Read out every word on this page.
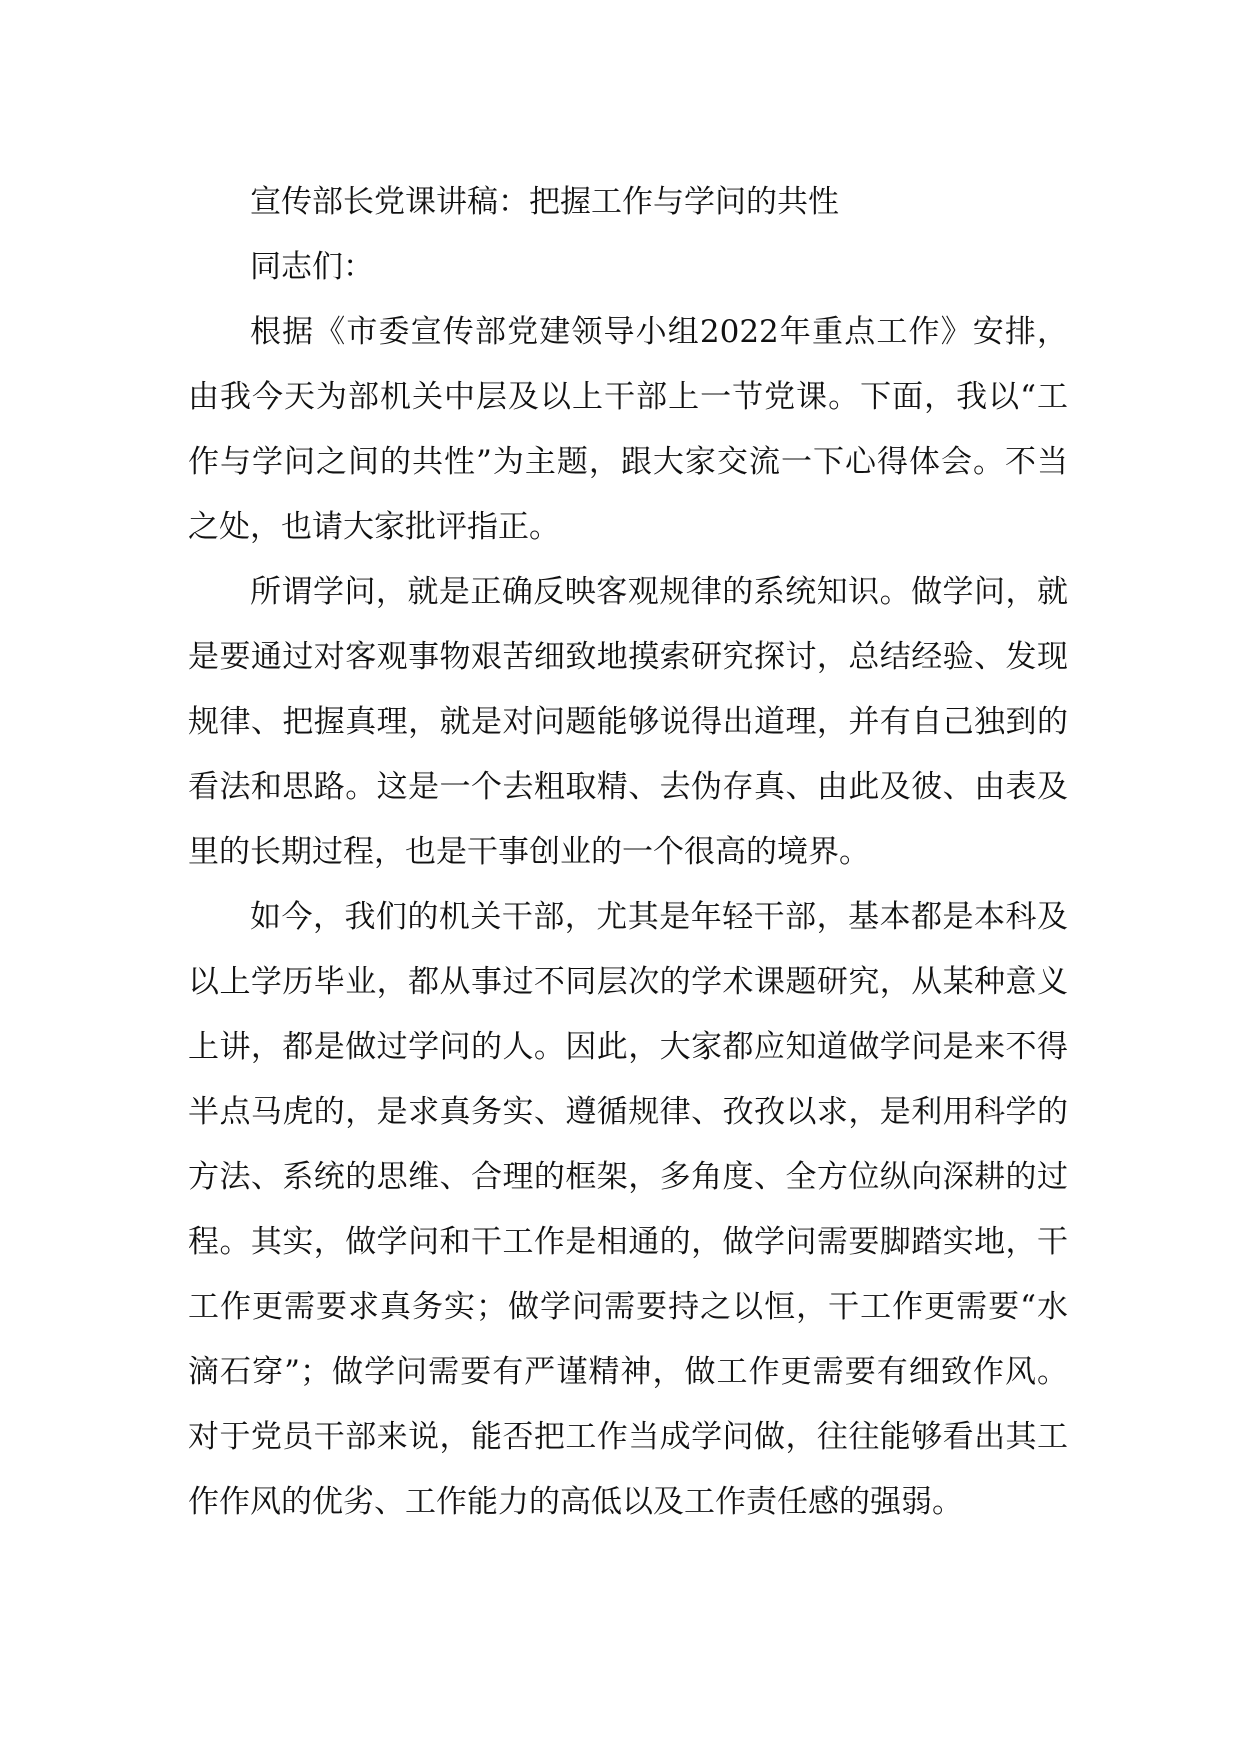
宣传部长党课讲稿：把握工作与学问的共性

同志们：

根据《市委宣传部党建领导小组2022年重点工作》安排，由我今天为部机关中层及以上干部上一节党课。下面，我以“工作与学问之间的共性”为主题，跟大家交流一下心得体会。不当之处，也请大家批评指正。

所谓学问，就是正确反映客观规律的系统知识。做学问，就是要通过对客观事物艰苦细致地摸索研究探讨，总结经验、发现规律、把握真理，就是对问题能够说得出道理，并有自己独到的看法和思路。这是一个去粗取精、去伪存真、由此及彼、由表及里的长期过程，也是干事创业的一个很高的境界。

如今，我们的机关干部，尤其是年轻干部，基本都是本科及以上学历毕业，都从事过不同层次的学术课题研究，从某种意义上讲，都是做过学问的人。因此，大家都应知道做学问是来不得半点马虎的，是求真务实、遵循规律、孜孜以求，是利用科学的方法、系统的思维、合理的框架，多角度、全方位纵向深耕的过程。其实，做学问和干工作是相通的，做学问需要脚踏实地，干工作更需要求真务实；做学问需要持之以恒，干工作更需要“水滴石穿”；做学问需要有严谨精神，做工作更需要有细致作风。对于党员干部来说，能否把工作当成学问做，往往能够看出其工作作风的优劣、工作能力的高低以及工作责任感的强弱。
